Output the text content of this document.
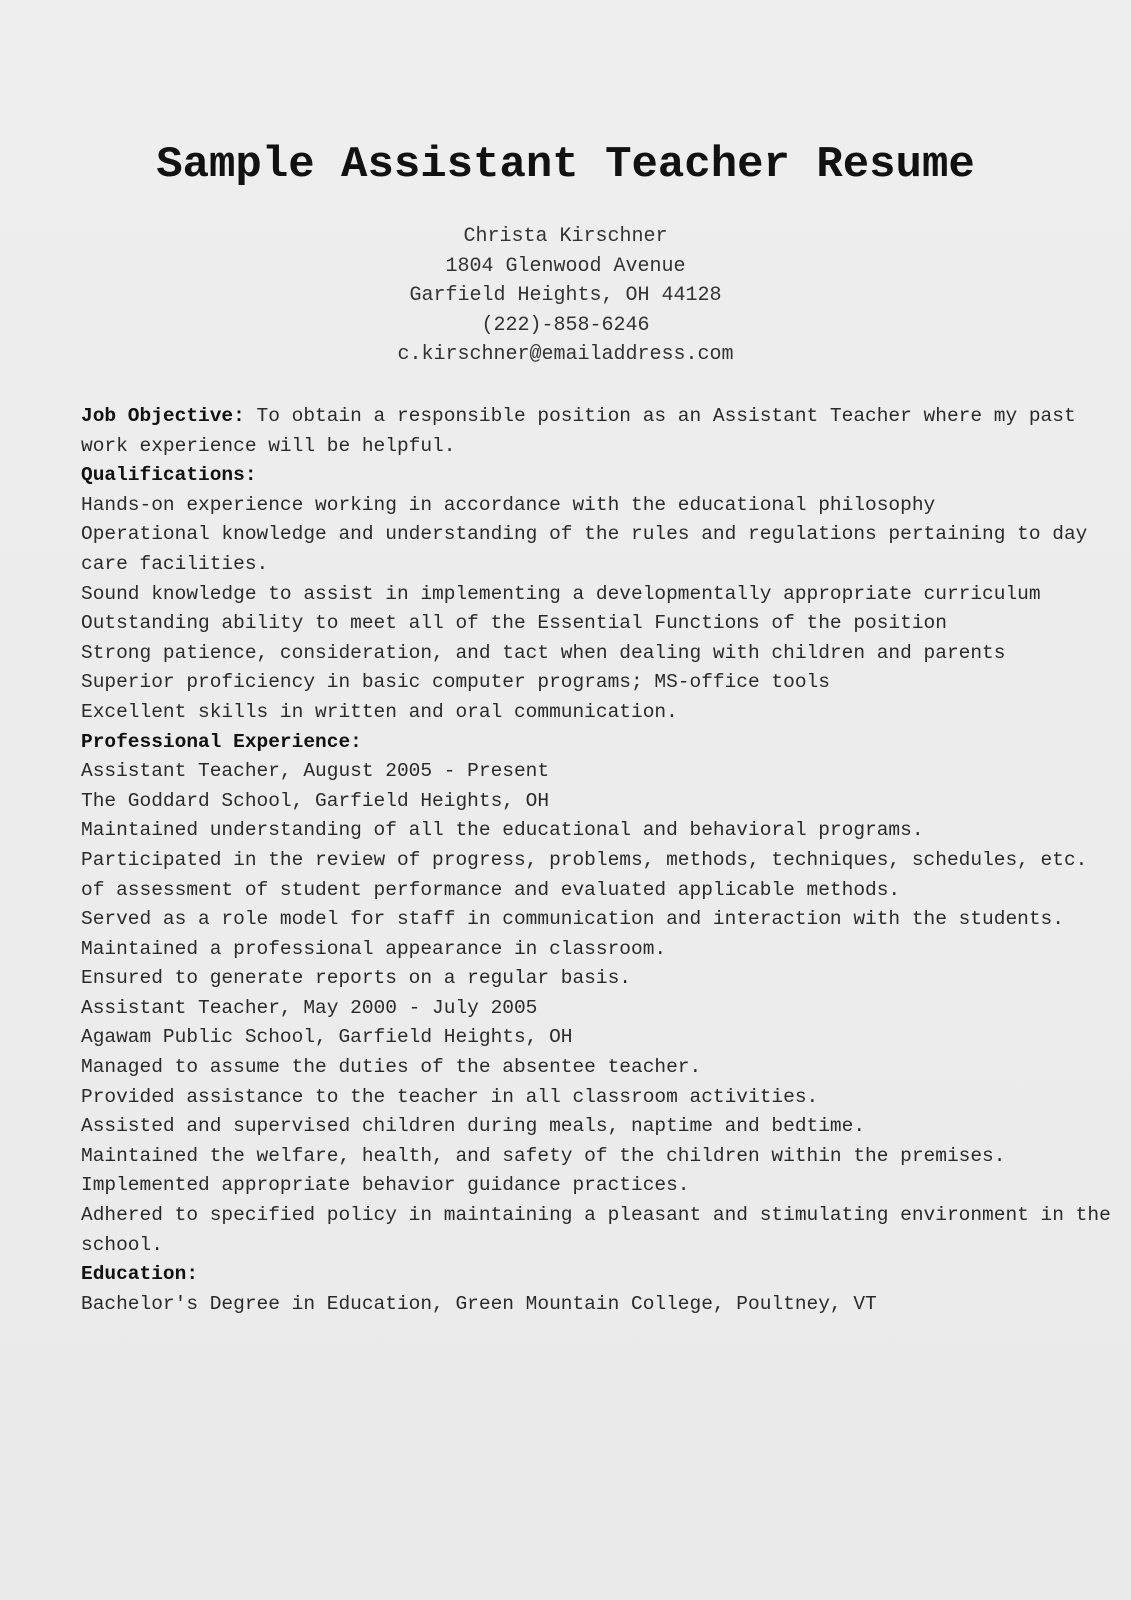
Sample Assistant Teacher Resume
Christa Kirschner
1804 Glenwood Avenue
Garfield Heights, OH 44128
(222)-858-6246
c.kirschner@emailaddress.com
Job Objective: To obtain a responsible position as an Assistant Teacher where my past
work experience will be helpful.
Qualifications:
Hands-on experience working in accordance with the educational philosophy
Operational knowledge and understanding of the rules and regulations pertaining to day
care facilities.
Sound knowledge to assist in implementing a developmentally appropriate curriculum
Outstanding ability to meet all of the Essential Functions of the position
Strong patience, consideration, and tact when dealing with children and parents
Superior proficiency in basic computer programs; MS-office tools
Excellent skills in written and oral communication.
Professional Experience:
Assistant Teacher, August 2005 - Present
The Goddard School, Garfield Heights, OH
Maintained understanding of all the educational and behavioral programs.
Participated in the review of progress, problems, methods, techniques, schedules, etc.
of assessment of student performance and evaluated applicable methods.
Served as a role model for staff in communication and interaction with the students.
Maintained a professional appearance in classroom.
Ensured to generate reports on a regular basis.
Assistant Teacher, May 2000 - July 2005
Agawam Public School, Garfield Heights, OH
Managed to assume the duties of the absentee teacher.
Provided assistance to the teacher in all classroom activities.
Assisted and supervised children during meals, naptime and bedtime.
Maintained the welfare, health, and safety of the children within the premises.
Implemented appropriate behavior guidance practices.
Adhered to specified policy in maintaining a pleasant and stimulating environment in the
school.
Education:
Bachelor's Degree in Education, Green Mountain College, Poultney, VT
